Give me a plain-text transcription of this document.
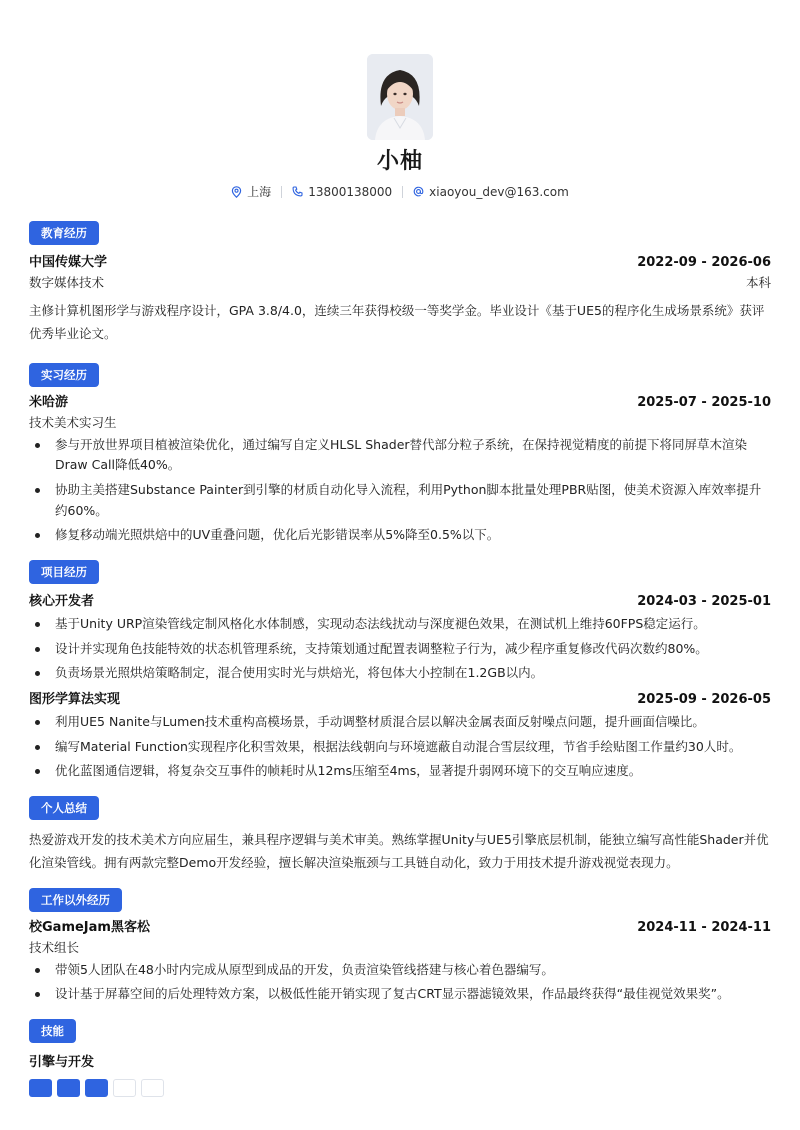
小柚
上海	13800138000	xiaoyou_dev@163.com
教育经历
中国传媒大学	2022-09 - 2026-06
数字媒体技术	本科

主修计算机图形学与游戏程序设计，GPA 3.8/4.0，连续三年获得校级一等奖学金。毕业设计《基于UE5的程序化生成场景系统》获评优秀毕业论文。

实习经历
米哈游	2025-07 - 2025-10
技术美术实习生
参与开放世界项目植被渲染优化，通过编写自定义HLSL Shader替代部分粒子系统，在保持视觉精度的前提下将同屏草木渲染Draw Call降低40%。
协助主美搭建Substance Painter到引擎的材质自动化导入流程，利用Python脚本批量处理PBR贴图，使美术资源入库效率提升约60%。
修复移动端光照烘焙中的UV重叠问题，优化后光影错误率从5%降至0.5%以下。
项目经历
核心开发者	2024-03 - 2025-01
基于Unity URP渲染管线定制风格化水体制感，实现动态法线扰动与深度褪色效果，在测试机上维持60FPS稳定运行。
设计并实现角色技能特效的状态机管理系统，支持策划通过配置表调整粒子行为，减少程序重复修改代码次数约80%。
负责场景光照烘焙策略制定，混合使用实时光与烘焙光，将包体大小控制在1.2GB以内。
图形学算法实现	2025-09 - 2026-05
利用UE5 Nanite与Lumen技术重构高模场景，手动调整材质混合层以解决金属表面反射噪点问题，提升画面信噪比。
编写Material Function实现程序化积雪效果，根据法线朝向与环境遮蔽自动混合雪层纹理，节省手绘贴图工作量约30人时。
优化蓝图通信逻辑，将复杂交互事件的帧耗时从12ms压缩至4ms，显著提升弱网环境下的交互响应速度。
个人总结

热爱游戏开发的技术美术方向应届生，兼具程序逻辑与美术审美。熟练掌握Unity与UE5引擎底层机制，能独立编写高性能Shader并优化渲染管线。拥有两款完整Demo开发经验，擅长解决渲染瓶颈与工具链自动化，致力于用技术提升游戏视觉表现力。

工作以外经历
校GameJam黑客松	2024-11 - 2024-11
技术组长
带领5人团队在48小时内完成从原型到成品的开发，负责渲染管线搭建与核心着色器编写。
设计基于屏幕空间的后处理特效方案，以极低性能开销实现了复古CRT显示器滤镜效果，作品最终获得“最佳视觉效果奖”。
技能
引擎与开发
